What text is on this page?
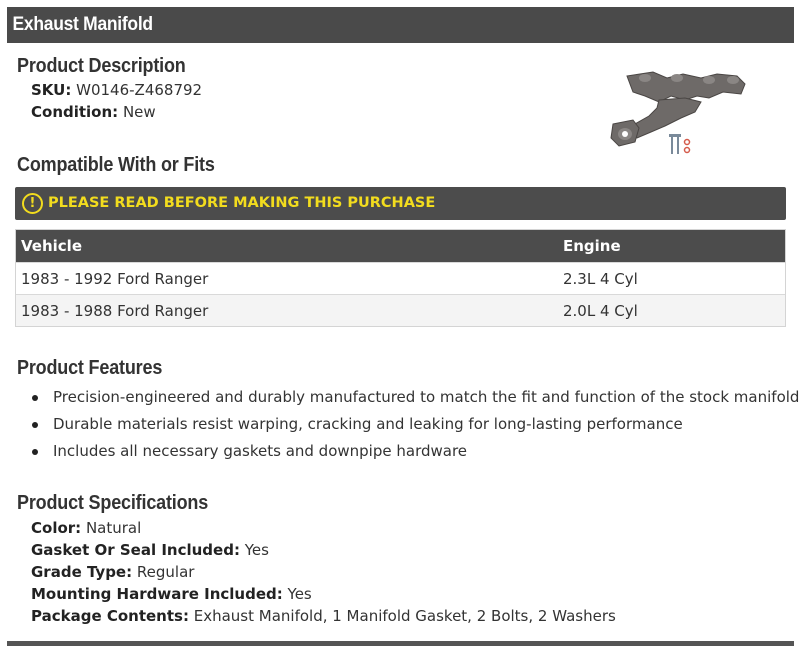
Exhaust Manifold
Product Description
SKU: W0146-Z468792
Condition: New
Compatible With or Fits
! PLEASE READ BEFORE MAKING THIS PURCHASE
Vehicle	Engine
1983 - 1992 Ford Ranger	2.3L 4 Cyl
1983 - 1988 Ford Ranger	2.0L 4 Cyl
Product Features
Precision-engineered and durably manufactured to match the fit and function of the stock manifold
Durable materials resist warping, cracking and leaking for long-lasting performance
Includes all necessary gaskets and downpipe hardware
Product Specifications
Color: Natural
Gasket Or Seal Included: Yes
Grade Type: Regular
Mounting Hardware Included: Yes
Package Contents: Exhaust Manifold, 1 Manifold Gasket, 2 Bolts, 2 Washers
